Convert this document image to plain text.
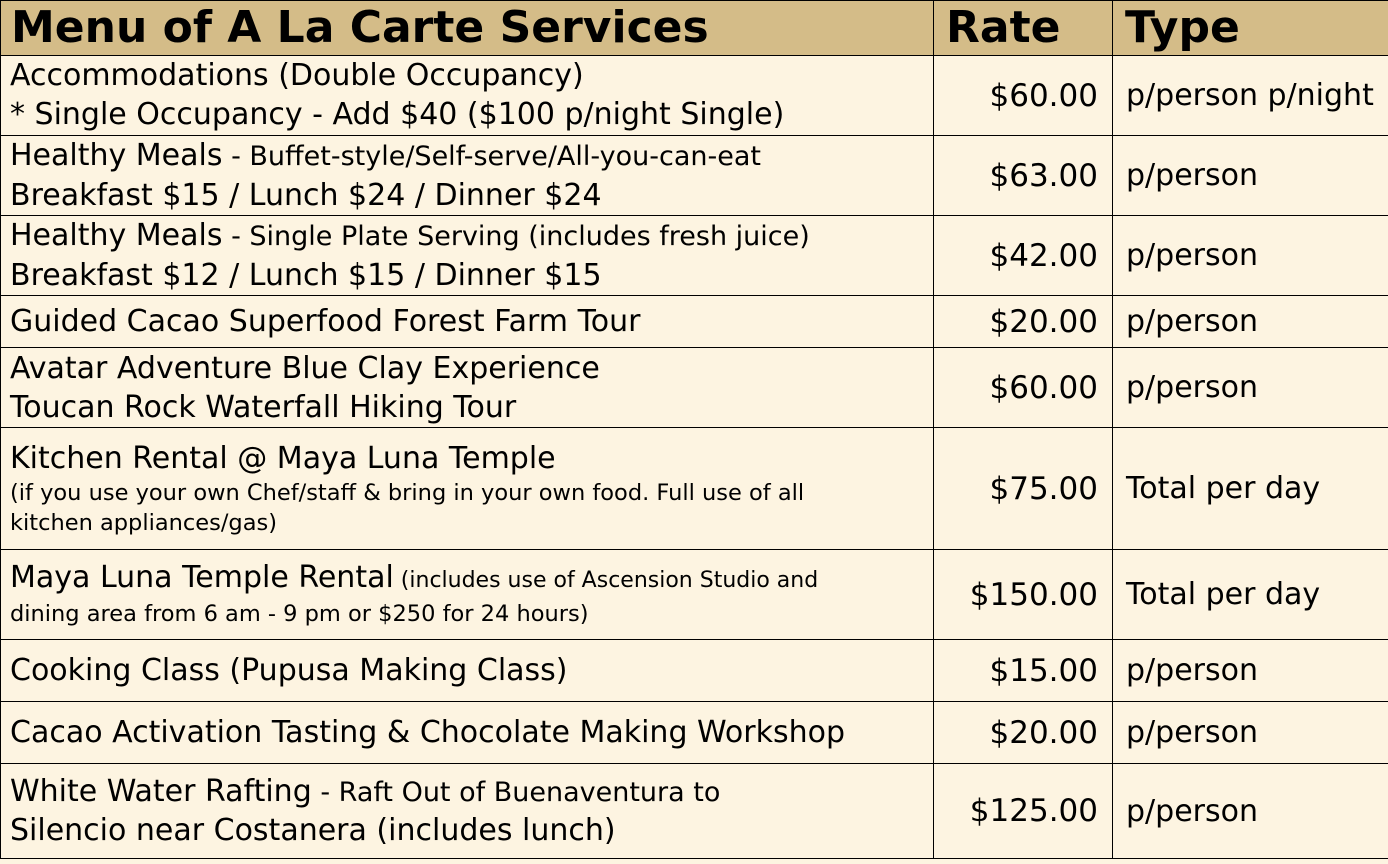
Menu of A La Carte Services	Rate	Type

Accommodations (Double Occupancy)
* Single Occupancy - Add $40 ($100 p/night Single)	$60.00	p/person p/night

Healthy Meals - Buffet-style/Self-serve/All-you-can-eat
Breakfast $15 / Lunch $24 / Dinner $24	$63.00	p/person

Healthy Meals - Single Plate Serving (includes fresh juice)
Breakfast $12 / Lunch $15 / Dinner $15	$42.00	p/person

Guided Cacao Superfood Forest Farm Tour	$20.00	p/person

Avatar Adventure Blue Clay Experience
Toucan Rock Waterfall Hiking Tour	$60.00	p/person

Kitchen Rental @ Maya Luna Temple
(if you use your own Chef/staff & bring in your own food. Full use of all
kitchen appliances/gas)	$75.00	Total per day

Maya Luna Temple Rental (includes use of Ascension Studio and
dining area from 6 am - 9 pm or $250 for 24 hours)	$150.00	Total per day

Cooking Class (Pupusa Making Class)	$15.00	p/person

Cacao Activation Tasting & Chocolate Making Workshop	$20.00	p/person

White Water Rafting - Raft Out of Buenaventura to
Silencio near Costanera (includes lunch)	$125.00	p/person
